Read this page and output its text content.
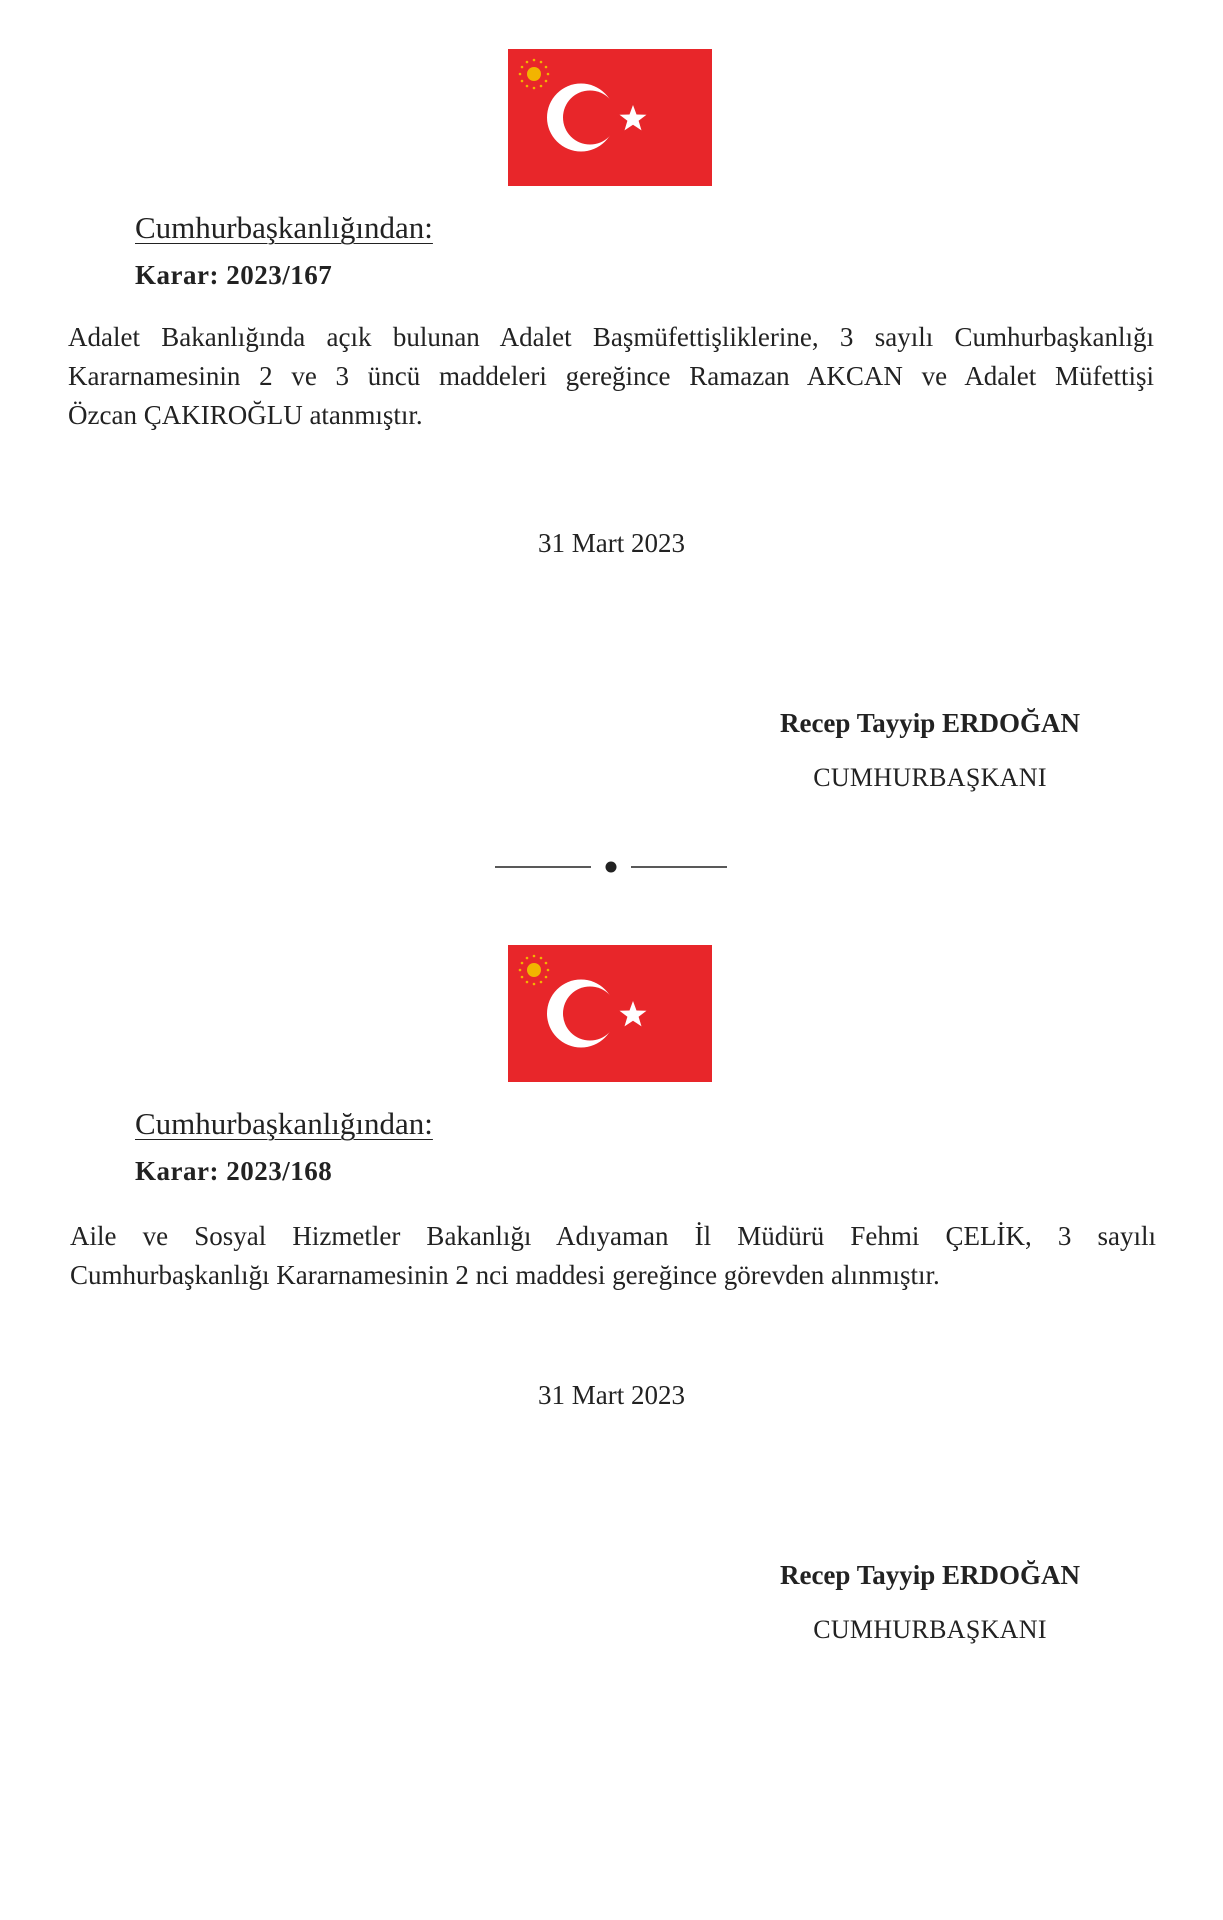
Cumhurbaşkanlığından:
Karar: 2023/167
Adalet Bakanlığında açık bulunan Adalet Başmüfettişliklerine, 3 sayılı Cumhurbaşkanlığı
Kararnamesinin 2 ve 3 üncü maddeleri gereğince Ramazan AKCAN ve Adalet Müfettişi
Özcan ÇAKIROĞLU atanmıştır.
31 Mart 2023
Recep Tayyip ERDOĞAN
CUMHURBAŞKANI
Cumhurbaşkanlığından:
Karar: 2023/168
Aile ve Sosyal Hizmetler Bakanlığı Adıyaman İl Müdürü Fehmi ÇELİK, 3 sayılı
Cumhurbaşkanlığı Kararnamesinin 2 nci maddesi gereğince görevden alınmıştır.
31 Mart 2023
Recep Tayyip ERDOĞAN
CUMHURBAŞKANI
